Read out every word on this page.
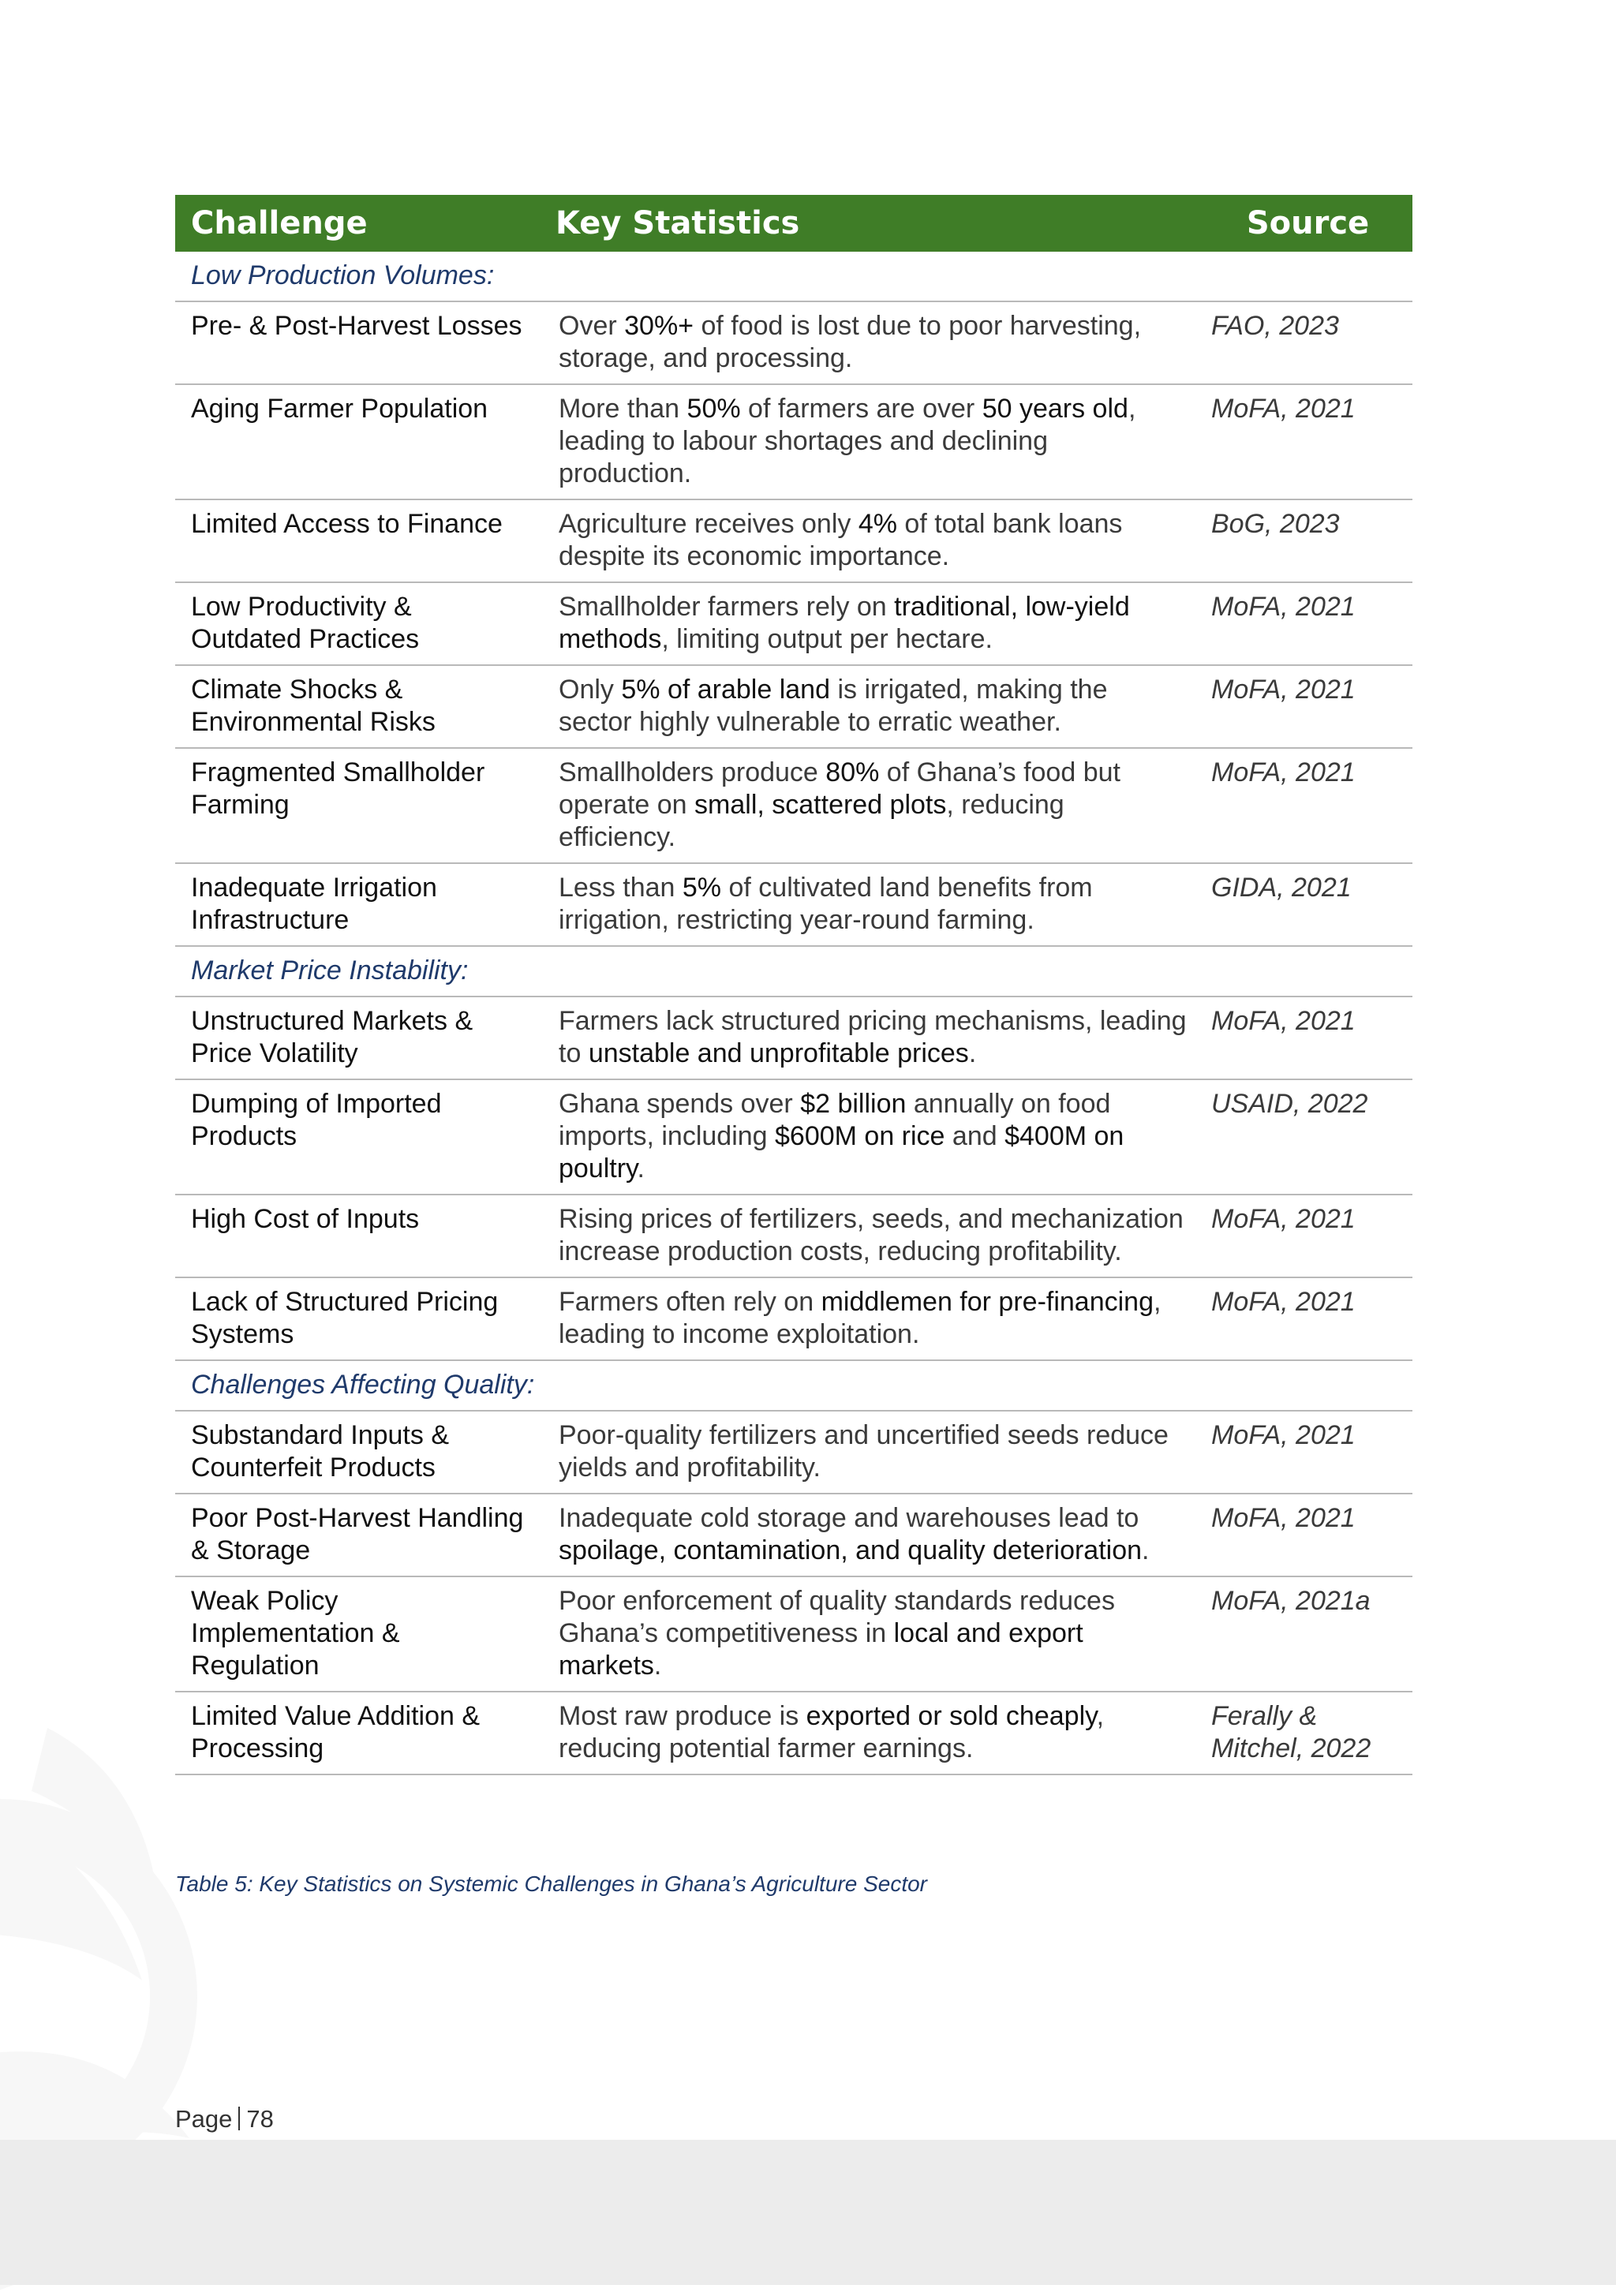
Challenge	Key Statistics	Source
Low Production Volumes:		
Pre- & Post-Harvest Losses	Over 30%+ of food is lost due to poor harvesting, storage, and processing.	FAO, 2023
Aging Farmer Population	More than 50% of farmers are over 50 years old, leading to labour shortages and declining production.	MoFA, 2021
Limited Access to Finance	Agriculture receives only 4% of total bank loans despite its economic importance.	BoG, 2023
Low Productivity & Outdated Practices	Smallholder farmers rely on traditional, low-yield methods, limiting output per hectare.	MoFA, 2021
Climate Shocks & Environmental Risks	Only 5% of arable land is irrigated, making the sector highly vulnerable to erratic weather.	MoFA, 2021
Fragmented Smallholder Farming	Smallholders produce 80% of Ghana’s food but operate on small, scattered plots, reducing efficiency.	MoFA, 2021
Inadequate Irrigation Infrastructure	Less than 5% of cultivated land benefits from irrigation, restricting year-round farming.	GIDA, 2021
Market Price Instability:		
Unstructured Markets & Price Volatility	Farmers lack structured pricing mechanisms, leading to unstable and unprofitable prices.	MoFA, 2021
Dumping of Imported Products	Ghana spends over $2 billion annually on food imports, including $600M on rice and $400M on poultry.	USAID, 2022
High Cost of Inputs	Rising prices of fertilizers, seeds, and mechanization increase production costs, reducing profitability.	MoFA, 2021
Lack of Structured Pricing Systems	Farmers often rely on middlemen for pre-financing, leading to income exploitation.	MoFA, 2021
Challenges Affecting Quality:		
Substandard Inputs & Counterfeit Products	Poor-quality fertilizers and uncertified seeds reduce yields and profitability.	MoFA, 2021
Poor Post-Harvest Handling & Storage	Inadequate cold storage and warehouses lead to spoilage, contamination, and quality deterioration.	MoFA, 2021
Weak Policy Implementation & Regulation	Poor enforcement of quality standards reduces Ghana’s competitiveness in local and export markets.	MoFA, 2021a
Limited Value Addition & Processing	Most raw produce is exported or sold cheaply, reducing potential farmer earnings.	Ferally & Mitchel, 2022
Table 5: Key Statistics on Systemic Challenges in Ghana’s Agriculture Sector
Page 78
